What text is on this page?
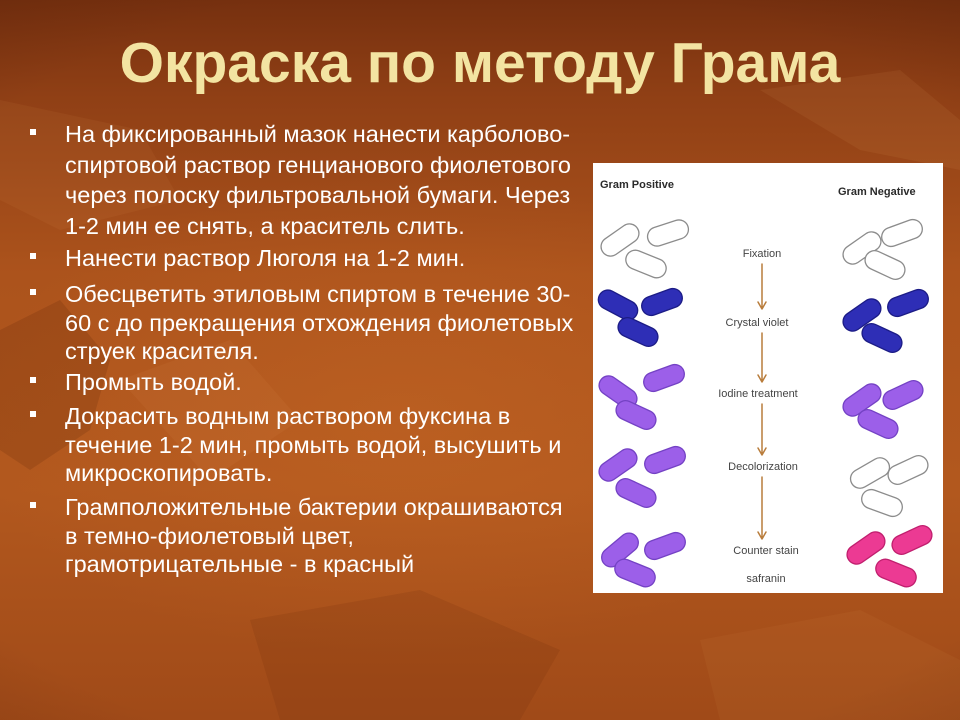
Окраска по методу Грама
На фиксированный мазок нанести карболово-
спиртовой раствор генцианового фиолетового
через полоску фильтровальной бумаги. Через
1-2 мин ее снять, а краситель слить.
Нанести раствор Люголя на 1-2 мин.
Обесцветить этиловым спиртом в течение 30-
60 с до прекращения отхождения фиолетовых
струек красителя.
Промыть водой.
Докрасить водным раствором фуксина в
течение 1-2 мин, промыть водой, высушить и
микроскопировать.
Грамположительные бактерии окрашиваются
в темно-фиолетовый цвет,
грамотрицательные - в красный
Gram Positive
Gram Negative
Fixation
Crystal violet
Iodine treatment
Decolorization
Counter stain
safranin
